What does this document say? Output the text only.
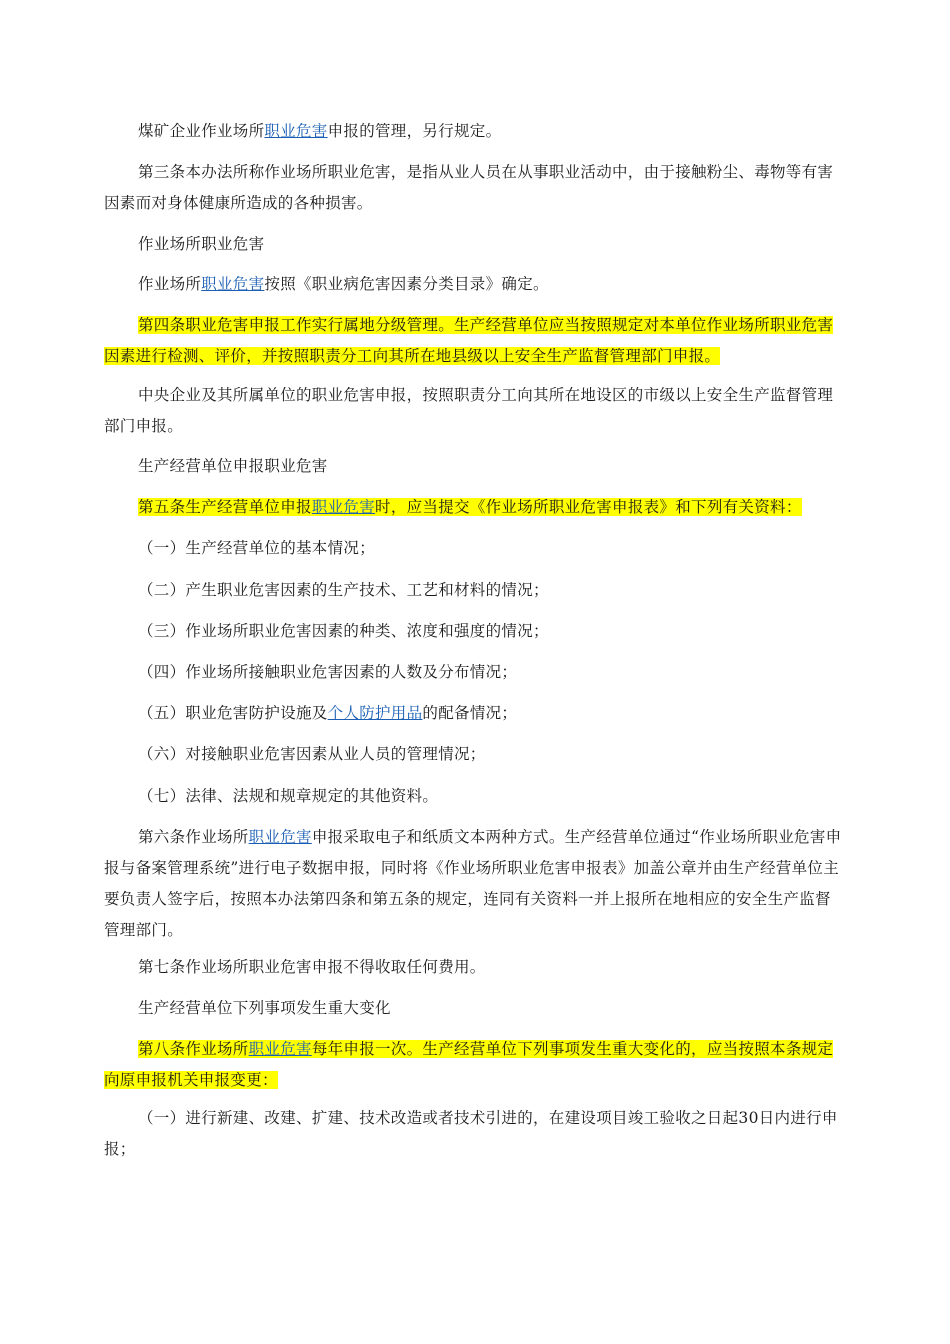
煤矿企业作业场所职业危害申报的管理，另行规定。

第三条本办法所称作业场所职业危害，是指从业人员在从事职业活动中，由于接触粉尘、毒物等有害因素而对身体健康所造成的各种损害。

作业场所职业危害

作业场所职业危害按照《职业病危害因素分类目录》确定。

第四条职业危害申报工作实行属地分级管理。生产经营单位应当按照规定对本单位作业场所职业危害因素进行检测、评价，并按照职责分工向其所在地县级以上安全生产监督管理部门申报。

中央企业及其所属单位的职业危害申报，按照职责分工向其所在地设区的市级以上安全生产监督管理部门申报。

生产经营单位申报职业危害

第五条生产经营单位申报职业危害时，应当提交《作业场所职业危害申报表》和下列有关资料：

（一）生产经营单位的基本情况；

（二）产生职业危害因素的生产技术、工艺和材料的情况；

（三）作业场所职业危害因素的种类、浓度和强度的情况；

（四）作业场所接触职业危害因素的人数及分布情况；

（五）职业危害防护设施及个人防护用品的配备情况；

（六）对接触职业危害因素从业人员的管理情况；

（七）法律、法规和规章规定的其他资料。

第六条作业场所职业危害申报采取电子和纸质文本两种方式。生产经营单位通过“作业场所职业危害申报与备案管理系统”进行电子数据申报，同时将《作业场所职业危害申报表》加盖公章并由生产经营单位主要负责人签字后，按照本办法第四条和第五条的规定，连同有关资料一并上报所在地相应的安全生产监督管理部门。

第七条作业场所职业危害申报不得收取任何费用。

生产经营单位下列事项发生重大变化

第八条作业场所职业危害每年申报一次。生产经营单位下列事项发生重大变化的，应当按照本条规定向原申报机关申报变更：

（一）进行新建、改建、扩建、技术改造或者技术引进的，在建设项目竣工验收之日起30日内进行申报；
